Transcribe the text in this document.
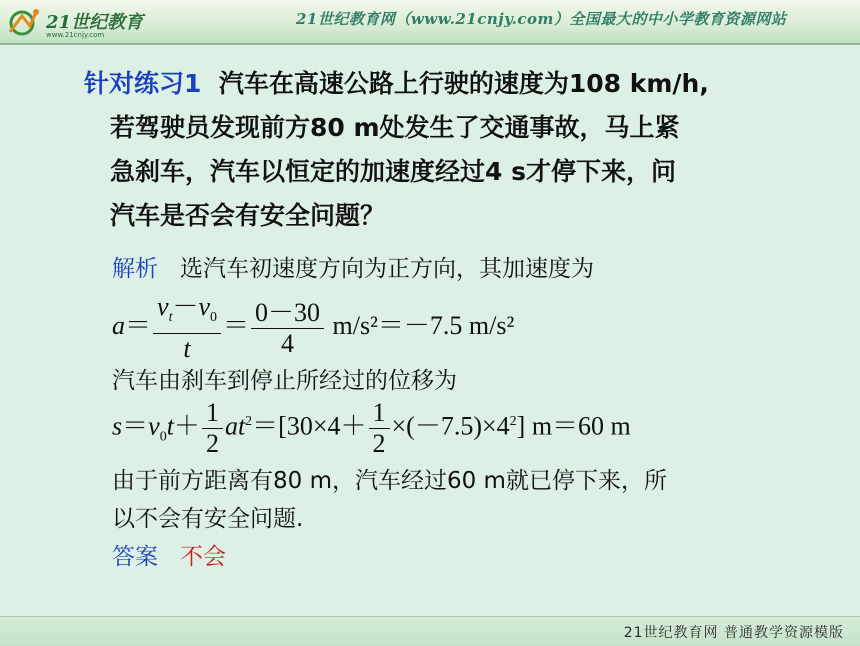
21世纪教育
www.21cnjy.com
21世纪教育网（www.21cnjy.com）全国最大的中小学教育资源网站
针对练习1 汽车在高速公路上行驶的速度为108 km/h,
若驾驶员发现前方80 m处发生了交通事故，马上紧
急刹车，汽车以恒定的加速度经过4 s才停下来，问
汽车是否会有安全问题？
解析 选汽车初速度方向为正方向，其加速度为
$a= \frac{v_t-v_0}{t} = \frac{0-30}{4} m/s^2=-7.5$ m/s²
汽车由刹车到停止所经过的位移为
$s=v_0t+ \frac{1}{2} at^2=[30\times 4+ \frac{1}{2} \times(-7.5)\times 4^2]$ m＝60 m
由于前方距离有80 m，汽车经过60 m就已停下来，所
以不会有安全问题.
答案 不会
21世纪教育网 普通教学资源模版
